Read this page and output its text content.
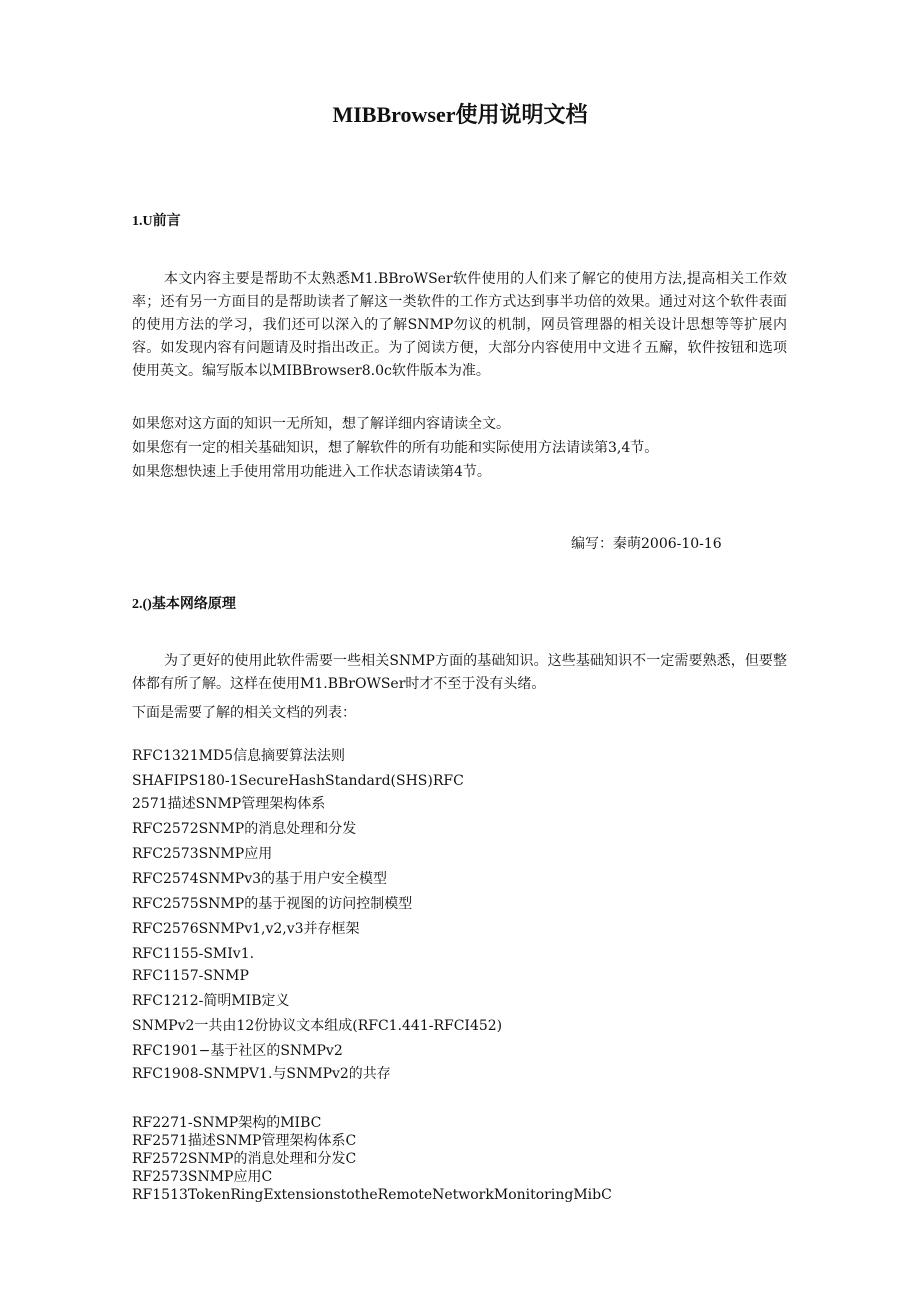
MIBBrowser使用说明文档
1.U前言

本文内容主要是帮助不太熟悉M1.BBroWSer软件使用的人们来了解它的使用方法,提高相关工作效率；还有另一方面目的是帮助读者了解这一类软件的工作方式达到事半功倍的效果。通过对这个软件表面的使用方法的学习，我们还可以深入的了解SNMP勿议的机制，网员管理器的相关设计思想等等扩展内容。如发现内容有问题请及时指出改正。为了阅读方便，大部分内容使用中文进彳五廨，软件按钮和选项使用英文。编写版本以MIBBrowser8.0c软件版本为准。

如果您对这方面的知识一无所知，想了解详细内容请读全文。
如果您有一定的相关基础知识，想了解软件的所有功能和实际使用方法请读第3,4节。
如果您想快速上手使用常用功能进入工作状态请读第4节。
编写：秦萌2006-10-16
2.()基本网络原理

为了更好的使用此软件需要一些相关SNMP方面的基础知识。这些基础知识不一定需要熟悉，但要整体都有所了解。这样在使用M1.BBrOWSer时才不至于没有头绪。

下面是需要了解的相关文档的列表：
RFC1321MD5信息摘要算法法则
SHAFIPS180-1SecureHashStandard(SHS)RFC
2571描述SNMP管理架构体系
RFC2572SNMP的消息处理和分发
RFC2573SNMP应用
RFC2574SNMPv3的基于用户安全模型
RFC2575SNMP的基于视图的访问控制模型
RFC2576SNMPv1,v2,v3并存框架
RFC1155-SMIv1.
RFC1157-SNMP
RFC1212-简明MIB定义
SNMPv2一共由12份协议文本组成(RFC1.441-RFCI452)
RFC1901−基于社区的SNMPv2
RFC1908-SNMPV1.与SNMPv2的共存
RF2271-SNMP架构的MIBC
RF2571描述SNMP管理架构体系C
RF2572SNMP的消息处理和分发C
RF2573SNMP应用C
RF1513TokenRingExtensionstotheRemoteNetworkMonitoringMibC
